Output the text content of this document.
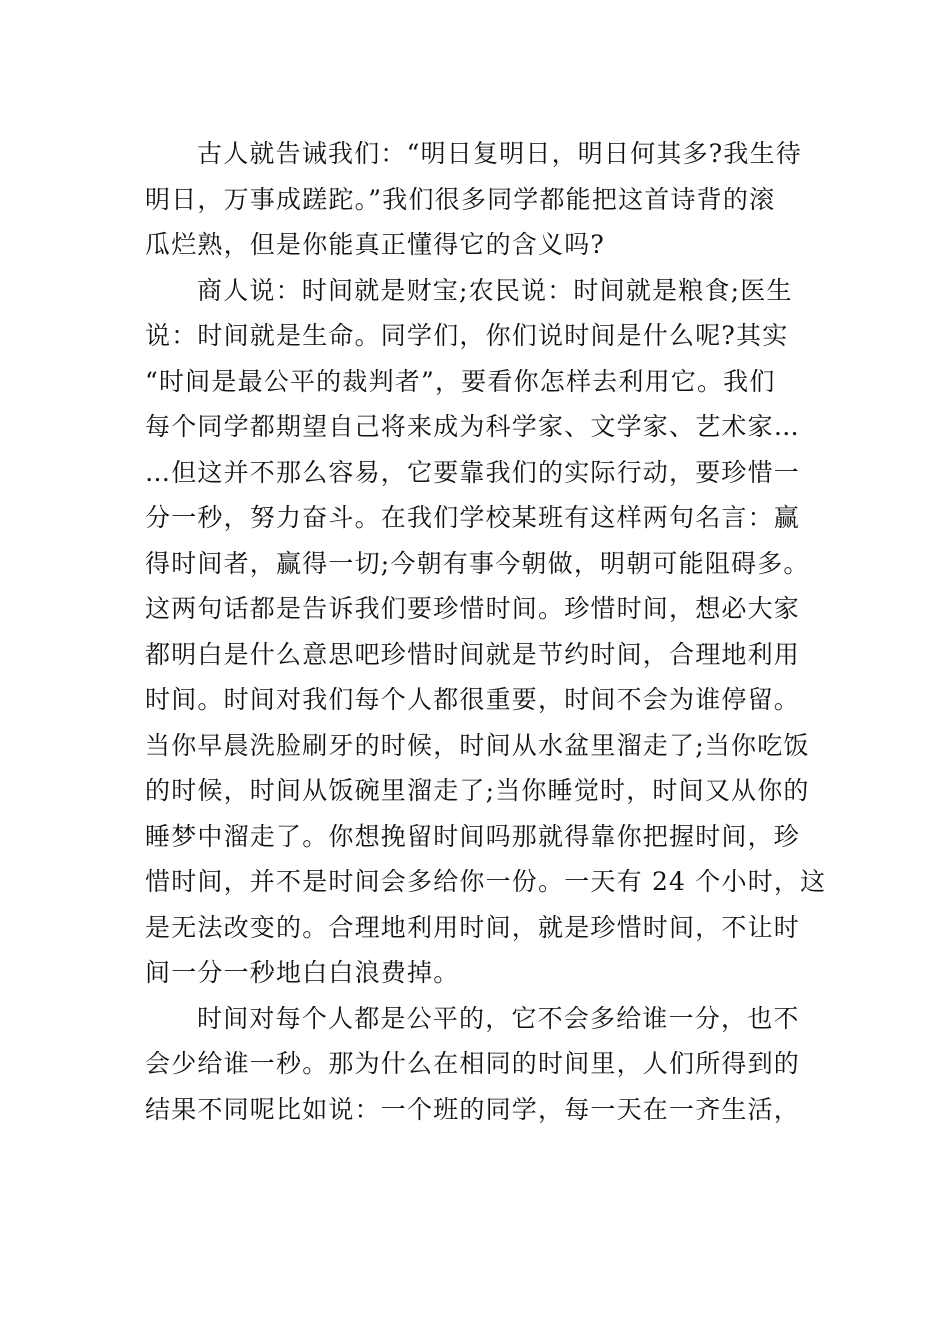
古人就告诫我们：“明日复明日，明日何其多?我生待
明日，万事成蹉跎。”我们很多同学都能把这首诗背的滚
瓜烂熟，但是你能真正懂得它的含义吗?
商人说：时间就是财宝;农民说：时间就是粮食;医生
说：时间就是生命。同学们，你们说时间是什么呢?其实
“时间是最公平的裁判者”，要看你怎样去利用它。我们
每个同学都期望自己将来成为科学家、文学家、艺术家…
…但这并不那么容易，它要靠我们的实际行动，要珍惜一
分一秒，努力奋斗。在我们学校某班有这样两句名言：赢
得时间者，赢得一切;今朝有事今朝做，明朝可能阻碍多。
这两句话都是告诉我们要珍惜时间。珍惜时间，想必大家
都明白是什么意思吧珍惜时间就是节约时间，合理地利用
时间。时间对我们每个人都很重要，时间不会为谁停留。
当你早晨洗脸刷牙的时候，时间从水盆里溜走了;当你吃饭
的时候，时间从饭碗里溜走了;当你睡觉时，时间又从你的
睡梦中溜走了。你想挽留时间吗那就得靠你把握时间，珍
惜时间，并不是时间会多给你一份。一天有 24 个小时，这
是无法改变的。合理地利用时间，就是珍惜时间，不让时
间一分一秒地白白浪费掉。
时间对每个人都是公平的，它不会多给谁一分，也不
会少给谁一秒。那为什么在相同的时间里，人们所得到的
结果不同呢比如说：一个班的同学，每一天在一齐生活，
